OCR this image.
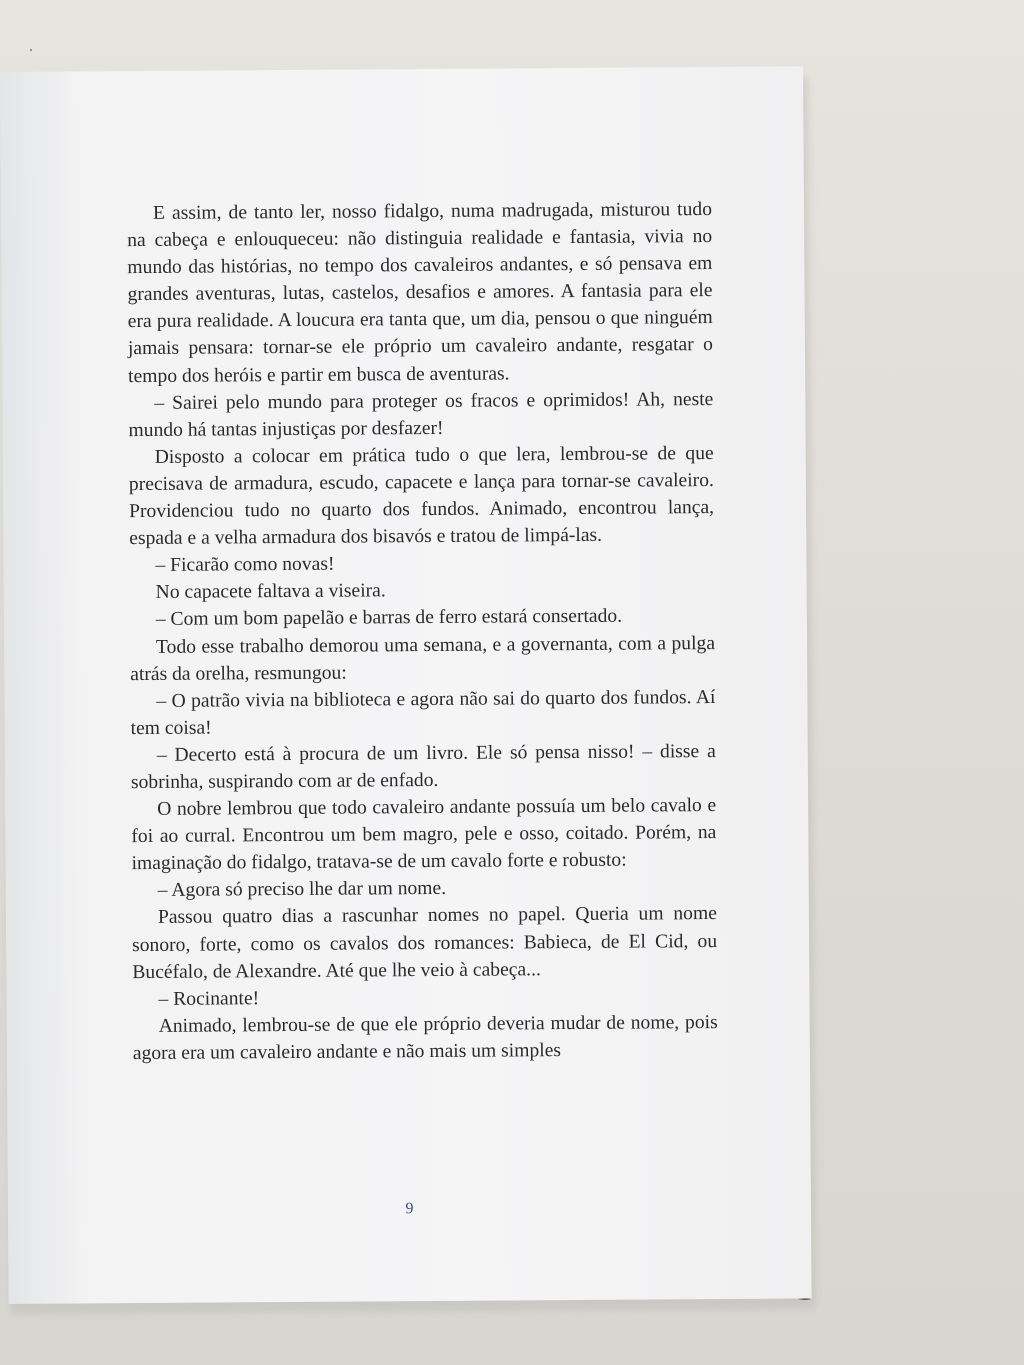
E assim, de tanto ler, nosso fidalgo, numa madrugada, misturou tudo na cabeça e enlouqueceu: não distinguia realidade e fantasia, vivia no mundo das histórias, no tempo dos cavaleiros andantes, e só pensava em grandes aventuras, lutas, castelos, desafios e amores. A fantasia para ele era pura realidade. A loucura era tanta que, um dia, pensou o que ninguém jamais pensara: tornar-se ele próprio um cavaleiro andante, resgatar o tempo dos heróis e partir em busca de aventuras.

– Sairei pelo mundo para proteger os fracos e oprimidos! Ah, neste mundo há tantas injustiças por desfazer!

Disposto a colocar em prática tudo o que lera, lembrou-se de que precisava de armadura, escudo, capacete e lança para tornar-se cavaleiro. Providenciou tudo no quarto dos fundos. Animado, encontrou lança, espada e a velha armadura dos bisavós e tratou de limpá-las.

– Ficarão como novas!

No capacete faltava a viseira.

– Com um bom papelão e barras de ferro estará consertado.

Todo esse trabalho demorou uma semana, e a governanta, com a pulga atrás da orelha, resmungou:

– O patrão vivia na biblioteca e agora não sai do quarto dos fundos. Aí tem coisa!

– Decerto está à procura de um livro. Ele só pensa nisso! – disse a sobrinha, suspirando com ar de enfado.

O nobre lembrou que todo cavaleiro andante possuía um belo cavalo e foi ao curral. Encontrou um bem magro, pele e osso, coitado. Porém, na imaginação do fidalgo, tratava-se de um cavalo forte e robusto:

– Agora só preciso lhe dar um nome.

Passou quatro dias a rascunhar nomes no papel. Queria um nome sonoro, forte, como os cavalos dos romances: Babieca, de El Cid, ou Bucéfalo, de Alexandre. Até que lhe veio à cabeça...

– Rocinante!

Animado, lembrou-se de que ele próprio deveria mudar de nome, pois agora era um cavaleiro andante e não mais um simples

9
